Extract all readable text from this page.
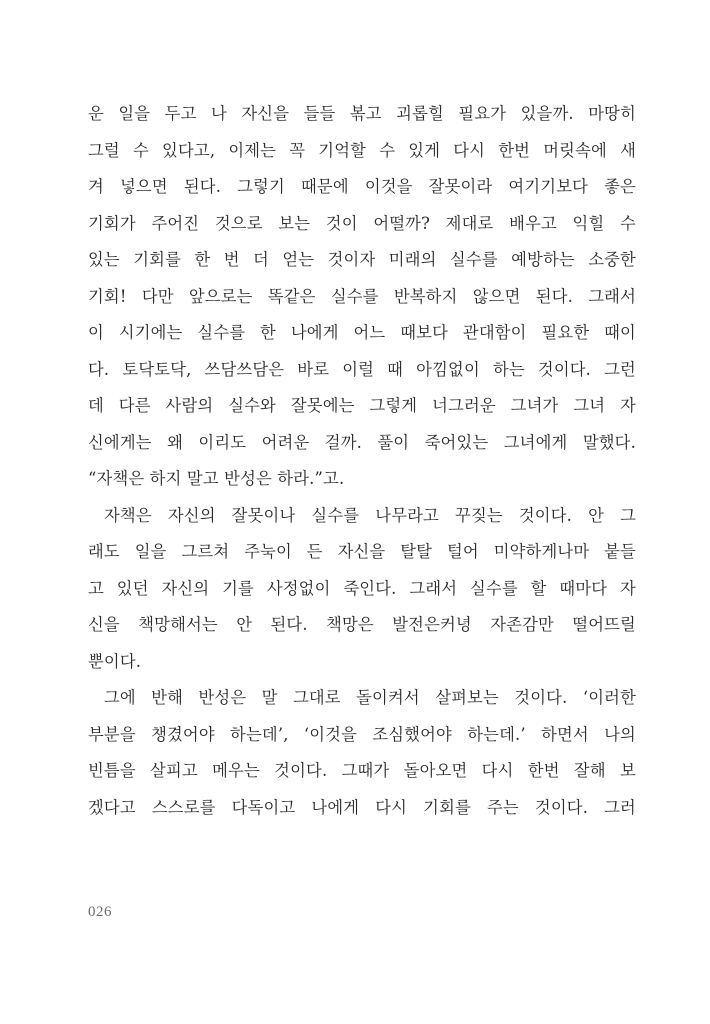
운 일을 두고 나 자신을 들들 볶고 괴롭힐 필요가 있을까. 마땅히
그럴 수 있다고, 이제는 꼭 기억할 수 있게 다시 한번 머릿속에 새
겨 넣으면 된다. 그렇기 때문에 이것을 잘못이라 여기기보다 좋은
기회가 주어진 것으로 보는 것이 어떨까? 제대로 배우고 익힐 수
있는 기회를 한 번 더 얻는 것이자 미래의 실수를 예방하는 소중한
기회! 다만 앞으로는 똑같은 실수를 반복하지 않으면 된다. 그래서
이 시기에는 실수를 한 나에게 어느 때보다 관대함이 필요한 때이
다. 토닥토닥, 쓰담쓰담은 바로 이럴 때 아낌없이 하는 것이다. 그런
데 다른 사람의 실수와 잘못에는 그렇게 너그러운 그녀가 그녀 자
신에게는 왜 이리도 어려운 걸까. 풀이 죽어있는 그녀에게 말했다.
“자책은 하지 말고 반성은 하라.”고.
자책은 자신의 잘못이나 실수를 나무라고 꾸짖는 것이다. 안 그
래도 일을 그르쳐 주눅이 든 자신을 탈탈 털어 미약하게나마 붙들
고 있던 자신의 기를 사정없이 죽인다. 그래서 실수를 할 때마다 자
신을 책망해서는 안 된다. 책망은 발전은커녕 자존감만 떨어뜨릴
뿐이다.
그에 반해 반성은 말 그대로 돌이켜서 살펴보는 것이다. ‘이러한
부분을 챙겼어야 하는데’, ‘이것을 조심했어야 하는데.’ 하면서 나의
빈틈을 살피고 메우는 것이다. 그때가 돌아오면 다시 한번 잘해 보
겠다고 스스로를 다독이고 나에게 다시 기회를 주는 것이다. 그러
026
